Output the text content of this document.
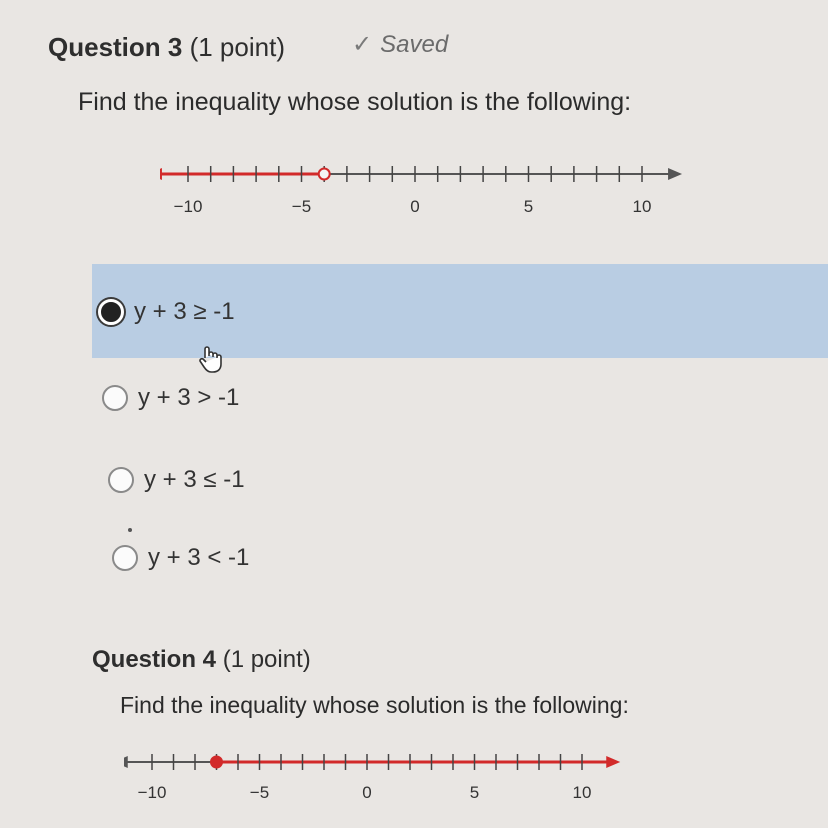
Question 3 (1 point)	✓ Saved
Find the inequality whose solution is the following:
−10	−5	0	5	10
y + 3 ≥ -1
y + 3 > -1
y + 3 ≤ -1
y + 3 < -1
Question 4 (1 point)
Find the inequality whose solution is the following:
−10	−5	0	5	10
